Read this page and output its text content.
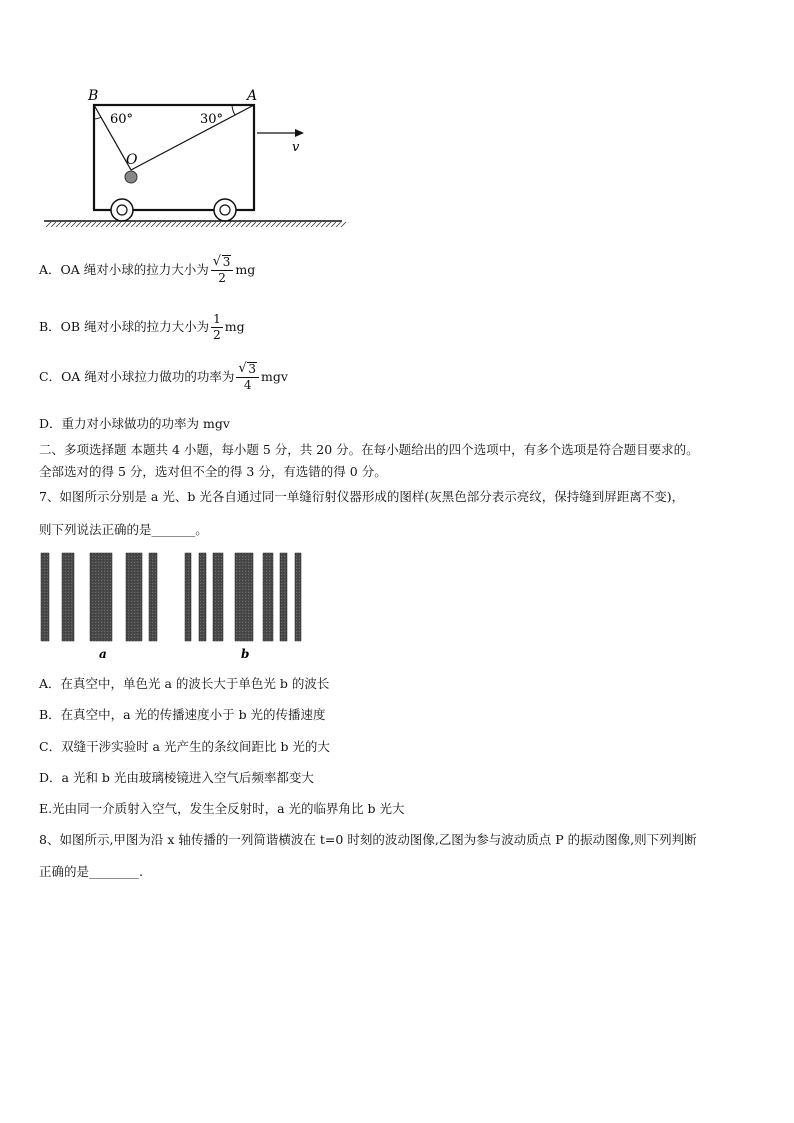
B	A
O
60°	30°
v
A．OA 绳对小球的拉力大小为 $\frac{√ 3}{2}$ mg
B．OB 绳对小球的拉力大小为 $\frac{1}{2}$ mg
C．OA 绳对小球拉力做功的功率为 $\frac{√ 3}{4}$ mgv
D．重力对小球做功的功率为 mgv
二、多项选择题 本题共 4 小题，每小题 5 分，共 20 分。在每小题给出的四个选项中，有多个选项是符合题目要求的。
全部选对的得 5 分，选对但不全的得 3 分，有选错的得 0 分。
7、如图所示分别是 a 光、b 光各自通过同一单缝衍射仪器形成的图样(灰黑色部分表示亮纹，保持缝到屏距离不变)，
则下列说法正确的是_______。
a	b
A．在真空中，单色光 a 的波长大于单色光 b 的波长
B．在真空中，a 光的传播速度小于 b 光的传播速度
C．双缝干涉实验时 a 光产生的条纹间距比 b 光的大
D．a 光和 b 光由玻璃棱镜进入空气后频率都变大
E.光由同一介质射入空气，发生全反射时，a 光的临界角比 b 光大
8、如图所示,甲图为沿 x 轴传播的一列简谐横波在 t=0 时刻的波动图像,乙图为参与波动质点 P 的振动图像,则下列判断
正确的是________.
